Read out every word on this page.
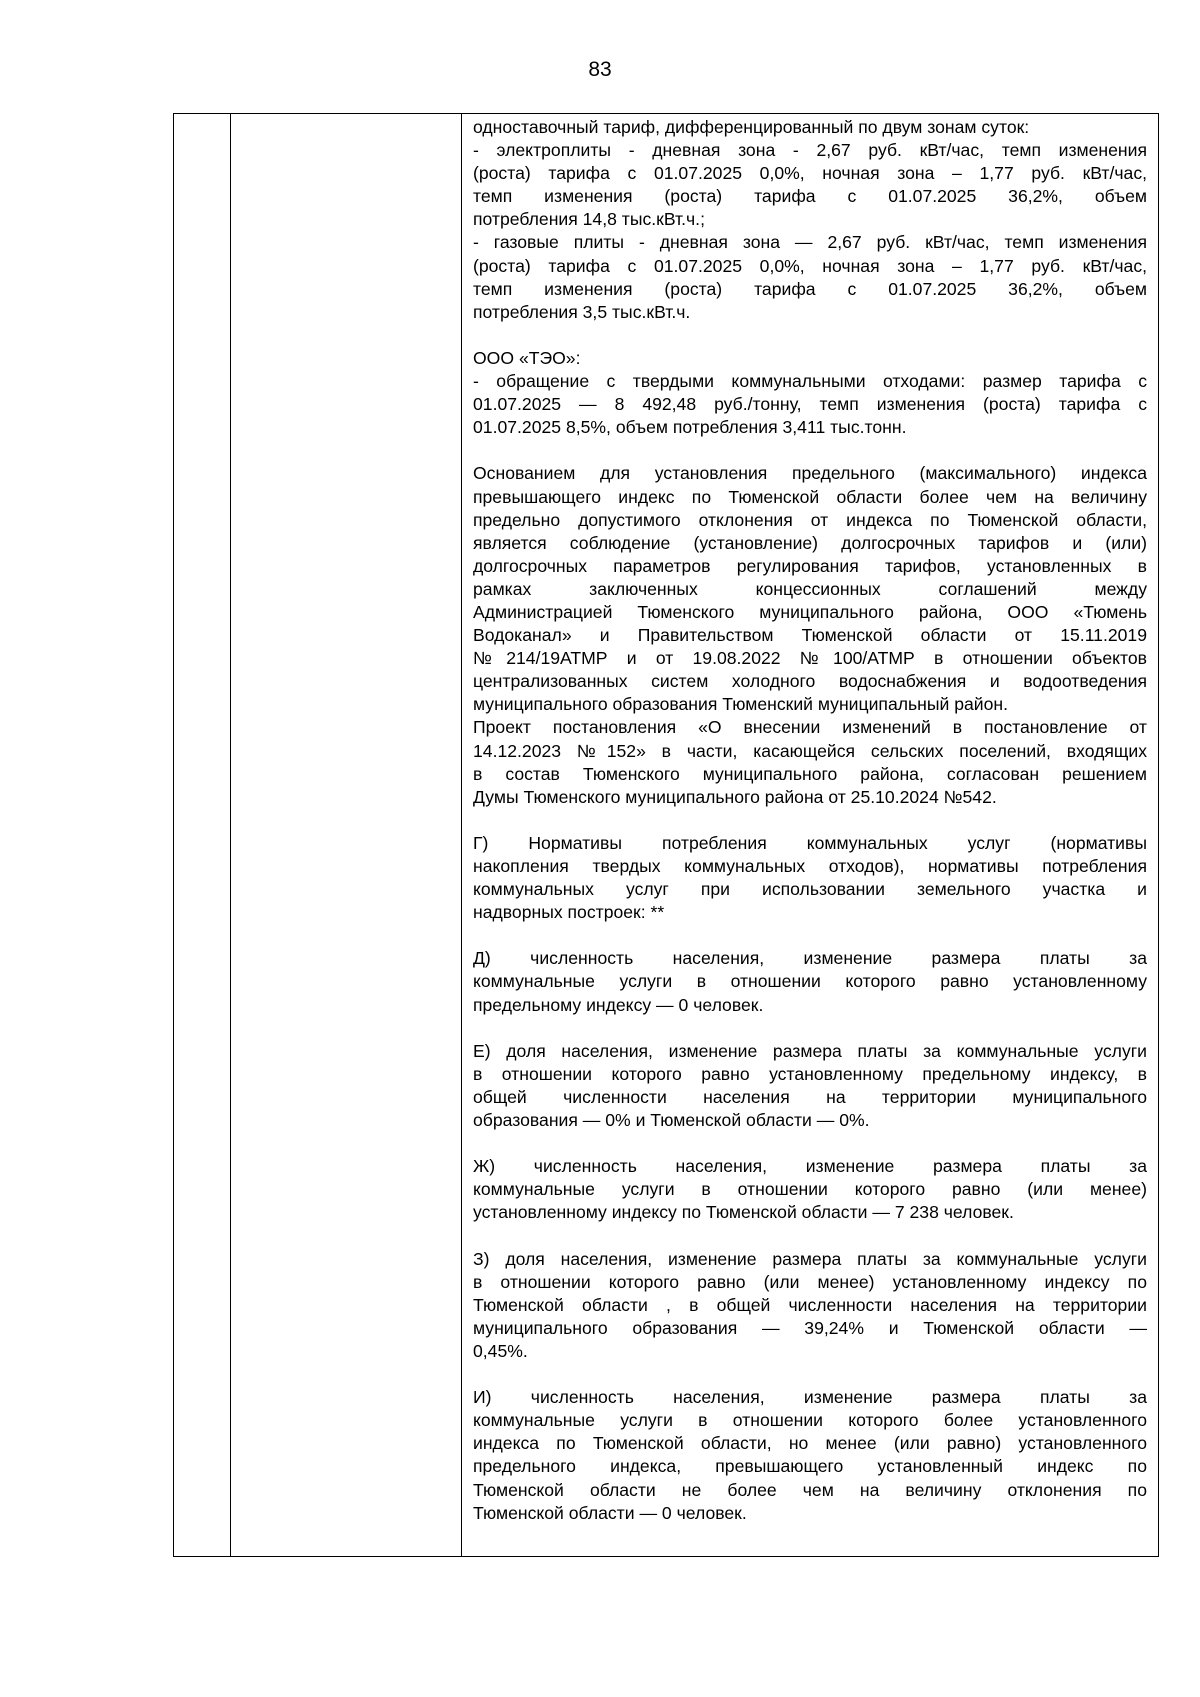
83
одноставочный тариф, дифференцированный по двум зонам суток:
- электроплиты - дневная зона - 2,67 руб. кВт/час, темп изменения
(роста) тарифа с 01.07.2025 0,0%, ночная зона – 1,77 руб. кВт/час,
темп изменения (роста) тарифа с 01.07.2025 36,2%, объем
потребления 14,8 тыс.кВт.ч.;
- газовые плиты - дневная зона — 2,67 руб. кВт/час, темп изменения
(роста) тарифа с 01.07.2025 0,0%, ночная зона – 1,77 руб. кВт/час,
темп изменения (роста) тарифа с 01.07.2025 36,2%, объем
потребления 3,5 тыс.кВт.ч.
ООО «ТЭО»:
- обращение с твердыми коммунальными отходами: размер тарифа с
01.07.2025 — 8 492,48 руб./тонну, темп изменения (роста) тарифа с
01.07.2025 8,5%, объем потребления 3,411 тыс.тонн.
Основанием для установления предельного (максимального) индекса
превышающего индекс по Тюменской области более чем на величину
предельно допустимого отклонения от индекса по Тюменской области,
является соблюдение (установление) долгосрочных тарифов и (или)
долгосрочных параметров регулирования тарифов, установленных в
рамках заключенных концессионных соглашений между
Администрацией Тюменского муниципального района, ООО «Тюмень
Водоканал» и Правительством Тюменской области от 15.11.2019
№214/19АТМР и от 19.08.2022 №100/АТМР в отношении объектов
централизованных систем холодного водоснабжения и водоотведения
муниципального образования Тюменский муниципальный район.
Проект постановления «О внесении изменений в постановление от
14.12.2023 №152» в части, касающейся сельских поселений, входящих
в состав Тюменского муниципального района, согласован решением
Думы Тюменского муниципального района от 25.10.2024 №542.
Г) Нормативы потребления коммунальных услуг (нормативы
накопления твердых коммунальных отходов), нормативы потребления
коммунальных услуг при использовании земельного участка и
надворных построек: **
Д) численность населения, изменение размера платы за
коммунальные услуги в отношении которого равно установленному
предельному индексу — 0 человек.
Е) доля населения, изменение размера платы за коммунальные услуги
в отношении которого равно установленному предельному индексу, в
общей численности населения на территории муниципального
образования — 0% и Тюменской области — 0%.
Ж) численность населения, изменение размера платы за
коммунальные услуги в отношении которого равно (или менее)
установленному индексу по Тюменской области — 7 238 человек.
З) доля населения, изменение размера платы за коммунальные услуги
в отношении которого равно (или менее) установленному индексу по
Тюменской области , в общей численности населения на территории
муниципального образования — 39,24% и Тюменской области —
0,45%.
И) численность населения, изменение размера платы за
коммунальные услуги в отношении которого более установленного
индекса по Тюменской области, но менее (или равно) установленного
предельного индекса, превышающего установленный индекс по
Тюменской области не более чем на величину отклонения по
Тюменской области — 0 человек.
